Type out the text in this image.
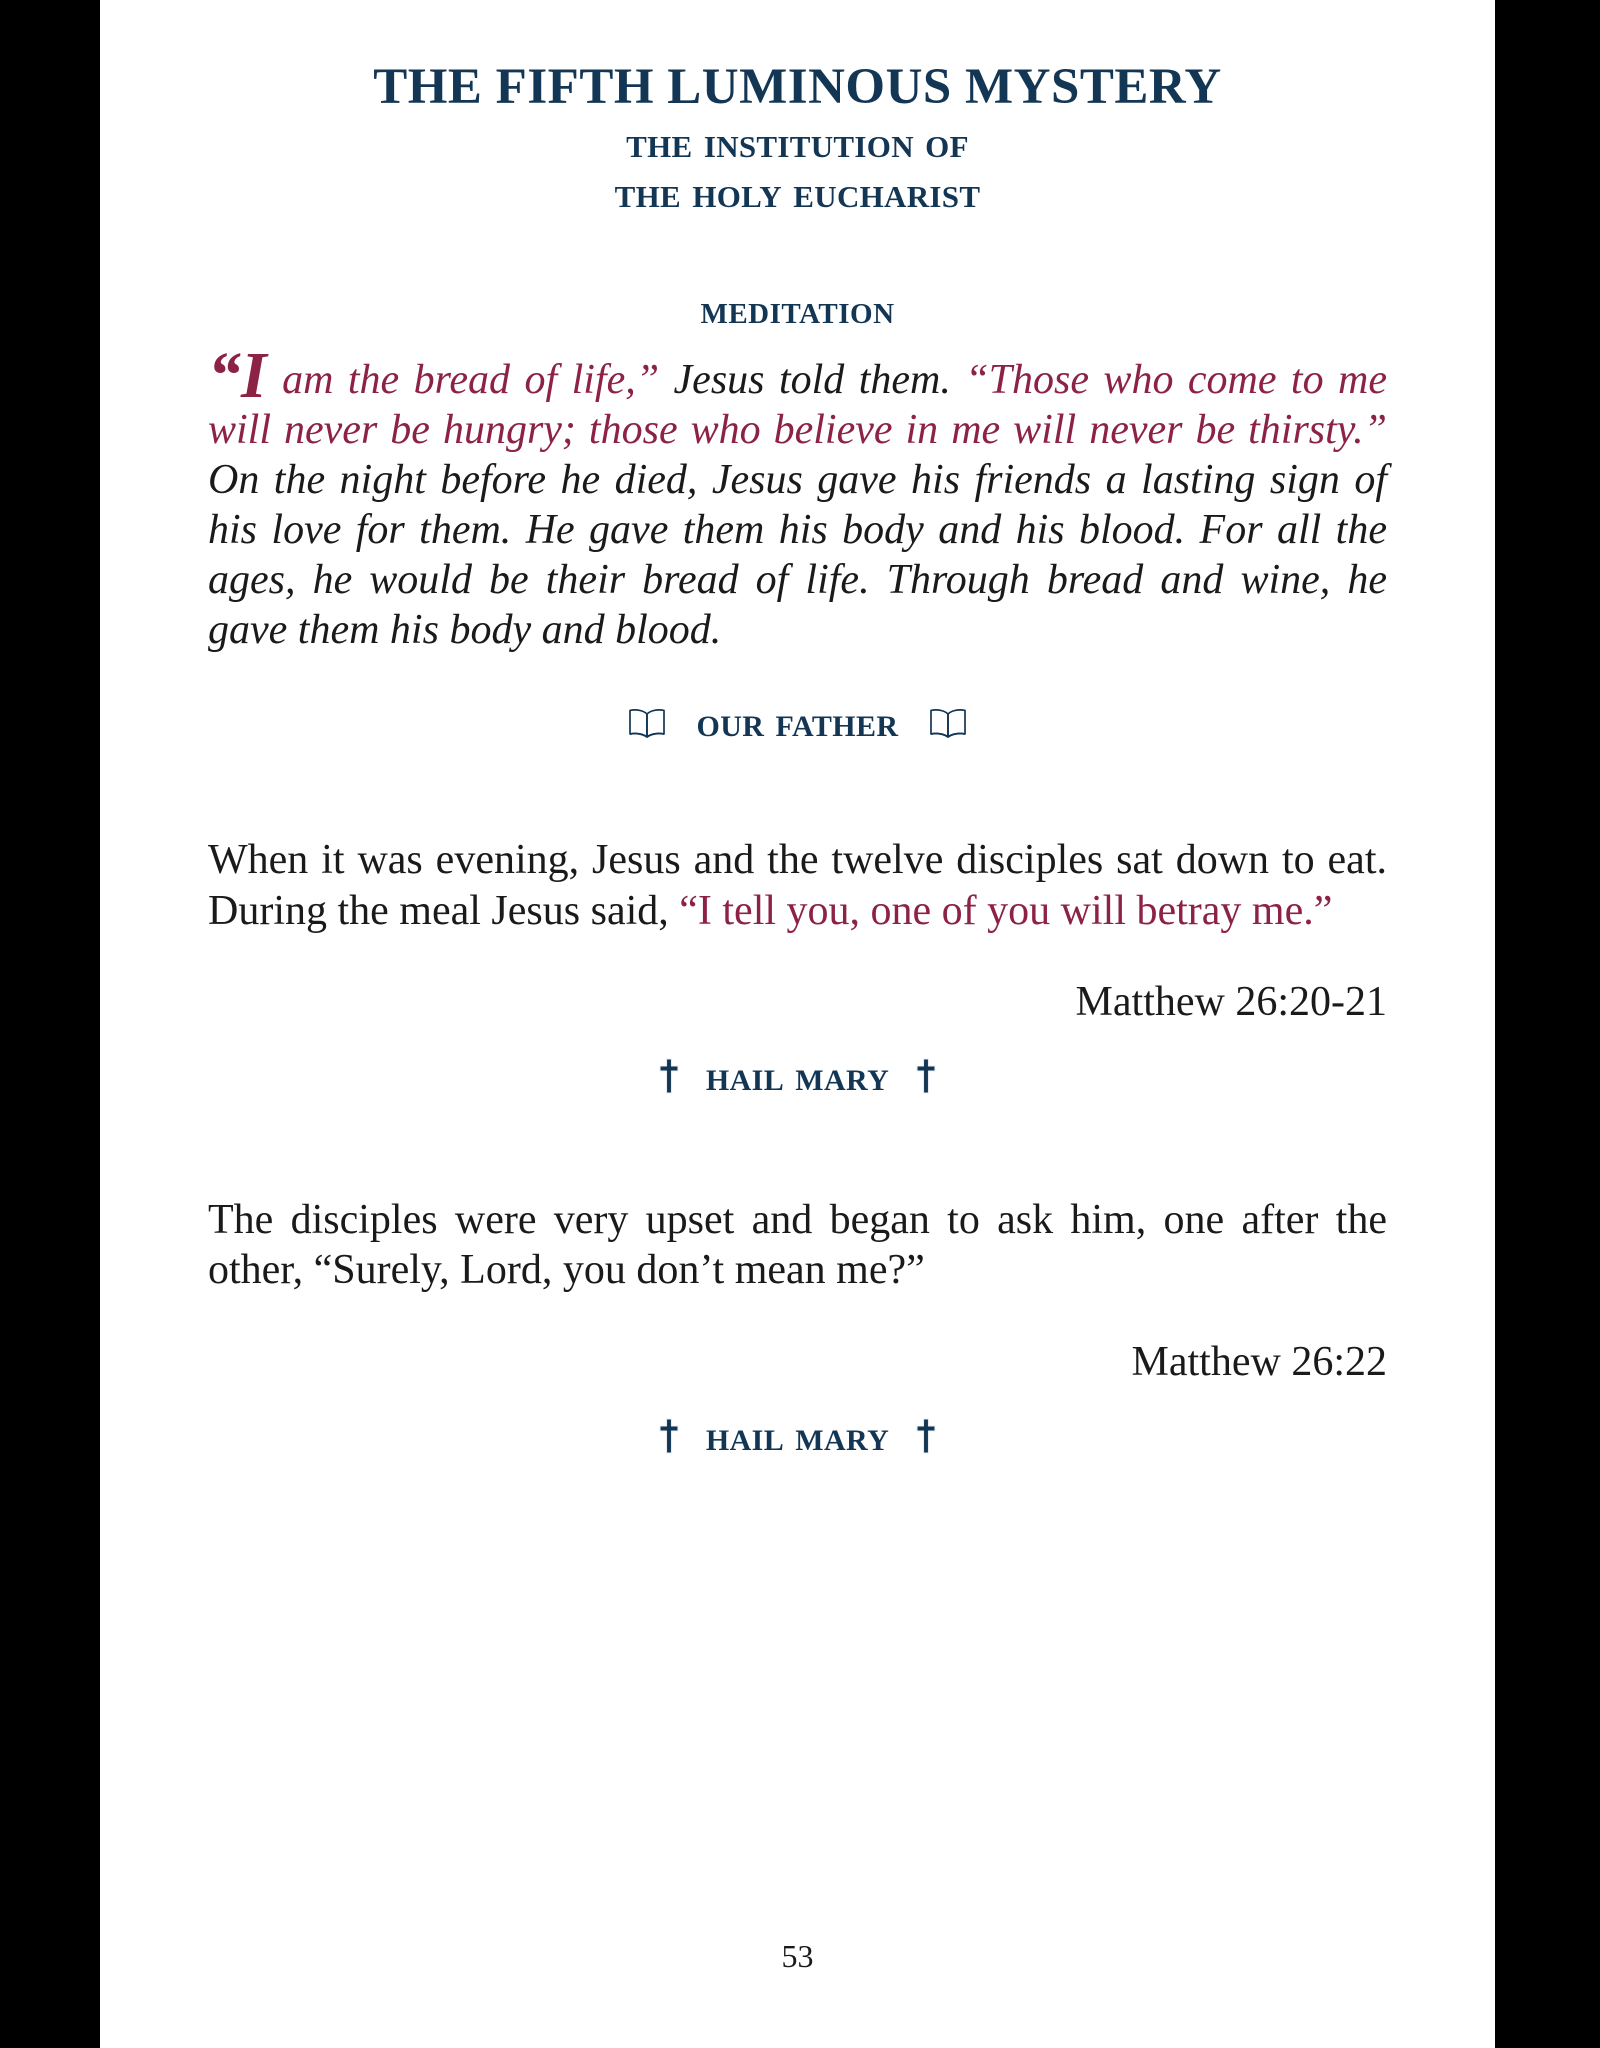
THE FIFTH LUMINOUS MYSTERY
the institution of
the holy eucharist
meditation

“I am the bread of life,” Jesus told them. “Those who come to me will never be hungry; those who believe in me will never be thirsty.” On the night before he died, Jesus gave his friends a lasting sign of his love for them. He gave them his body and his blood. For all the ages, he would be their bread of life. Through bread and wine, he gave them his body and blood.

our father

When it was evening, Jesus and the twelve disciples sat down to eat. During the meal Jesus said, “I tell you, one of you will betray me.”

Matthew 26:20-21
hail mary

The disciples were very upset and began to ask him, one after the other, “Surely, Lord, you don’t mean me?”

Matthew 26:22
hail mary
53
